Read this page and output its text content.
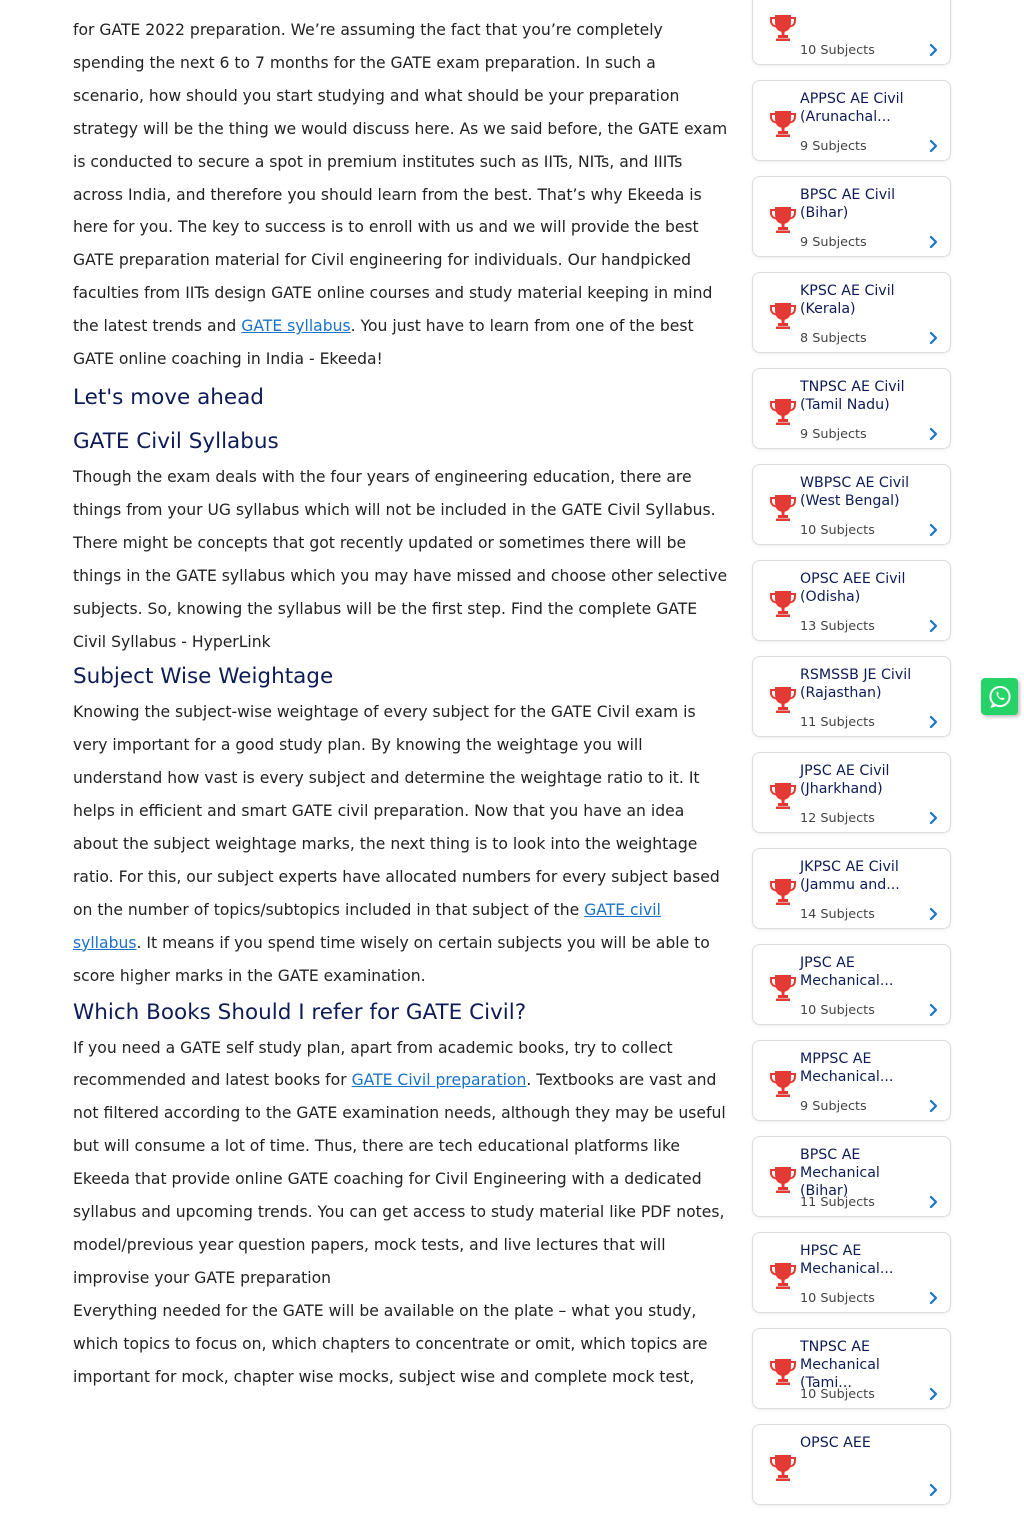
for GATE 2022 preparation. We’re assuming the fact that you’re completely spending the next 6 to 7 months for the GATE exam preparation. In such a scenario, how should you start studying and what should be your preparation strategy will be the thing we would discuss here. As we said before, the GATE exam is conducted to secure a spot in premium institutes such as IITs, NITs, and IIITs across India, and therefore you should learn from the best. That’s why Ekeeda is here for you. The key to success is to enroll with us and we will provide the best GATE preparation material for Civil engineering for individuals. Our handpicked faculties from IITs design GATE online courses and study material keeping in mind the latest trends and GATE syllabus. You just have to learn from one of the best GATE online coaching in India - Ekeeda!

Let's move ahead
GATE Civil Syllabus

Though the exam deals with the four years of engineering education, there are things from your UG syllabus which will not be included in the GATE Civil Syllabus. There might be concepts that got recently updated or sometimes there will be things in the GATE syllabus which you may have missed and choose other selective subjects. So, knowing the syllabus will be the first step. Find the complete GATE Civil Syllabus - HyperLink

Subject Wise Weightage

Knowing the subject-wise weightage of every subject for the GATE Civil exam is very important for a good study plan. By knowing the weightage you will understand how vast is every subject and determine the weightage ratio to it. It helps in efficient and smart GATE civil preparation. Now that you have an idea about the subject weightage marks, the next thing is to look into the weightage ratio. For this, our subject experts have allocated numbers for every subject based on the number of topics/subtopics included in that subject of the GATE civil syllabus. It means if you spend time wisely on certain subjects you will be able to score higher marks in the GATE examination.

Which Books Should I refer for GATE Civil?

If you need a GATE self study plan, apart from academic books, try to collect recommended and latest books for GATE Civil preparation. Textbooks are vast and not filtered according to the GATE examination needs, although they may be useful but will consume a lot of time. Thus, there are tech educational platforms like Ekeeda that provide online GATE coaching for Civil Engineering with a dedicated syllabus and upcoming trends. You can get access to study material like PDF notes, model/previous year question papers, mock tests, and live lectures that will improvise your GATE preparation

Everything needed for the GATE will be available on the plate – what you study, which topics to focus on, which chapters to concentrate or omit, which topics are important for mock, chapter wise mocks, subject wise and complete mock test,

10 Subjects
APPSC AE Civil (Arunachal...
9 Subjects
BPSC AE Civil (Bihar)
9 Subjects
KPSC AE Civil (Kerala)
8 Subjects
TNPSC AE Civil (Tamil Nadu)
9 Subjects
WBPSC AE Civil (West Bengal)
10 Subjects
OPSC AEE Civil (Odisha)
13 Subjects
RSMSSB JE Civil (Rajasthan)
11 Subjects
JPSC AE Civil (Jharkhand)
12 Subjects
JKPSC AE Civil (Jammu and...
14 Subjects
JPSC AE Mechanical...
10 Subjects
MPPSC AE Mechanical...
9 Subjects
BPSC AE Mechanical (Bihar)
11 Subjects
HPSC AE Mechanical...
10 Subjects
TNPSC AE Mechanical (Tami...
10 Subjects
OPSC AEE
